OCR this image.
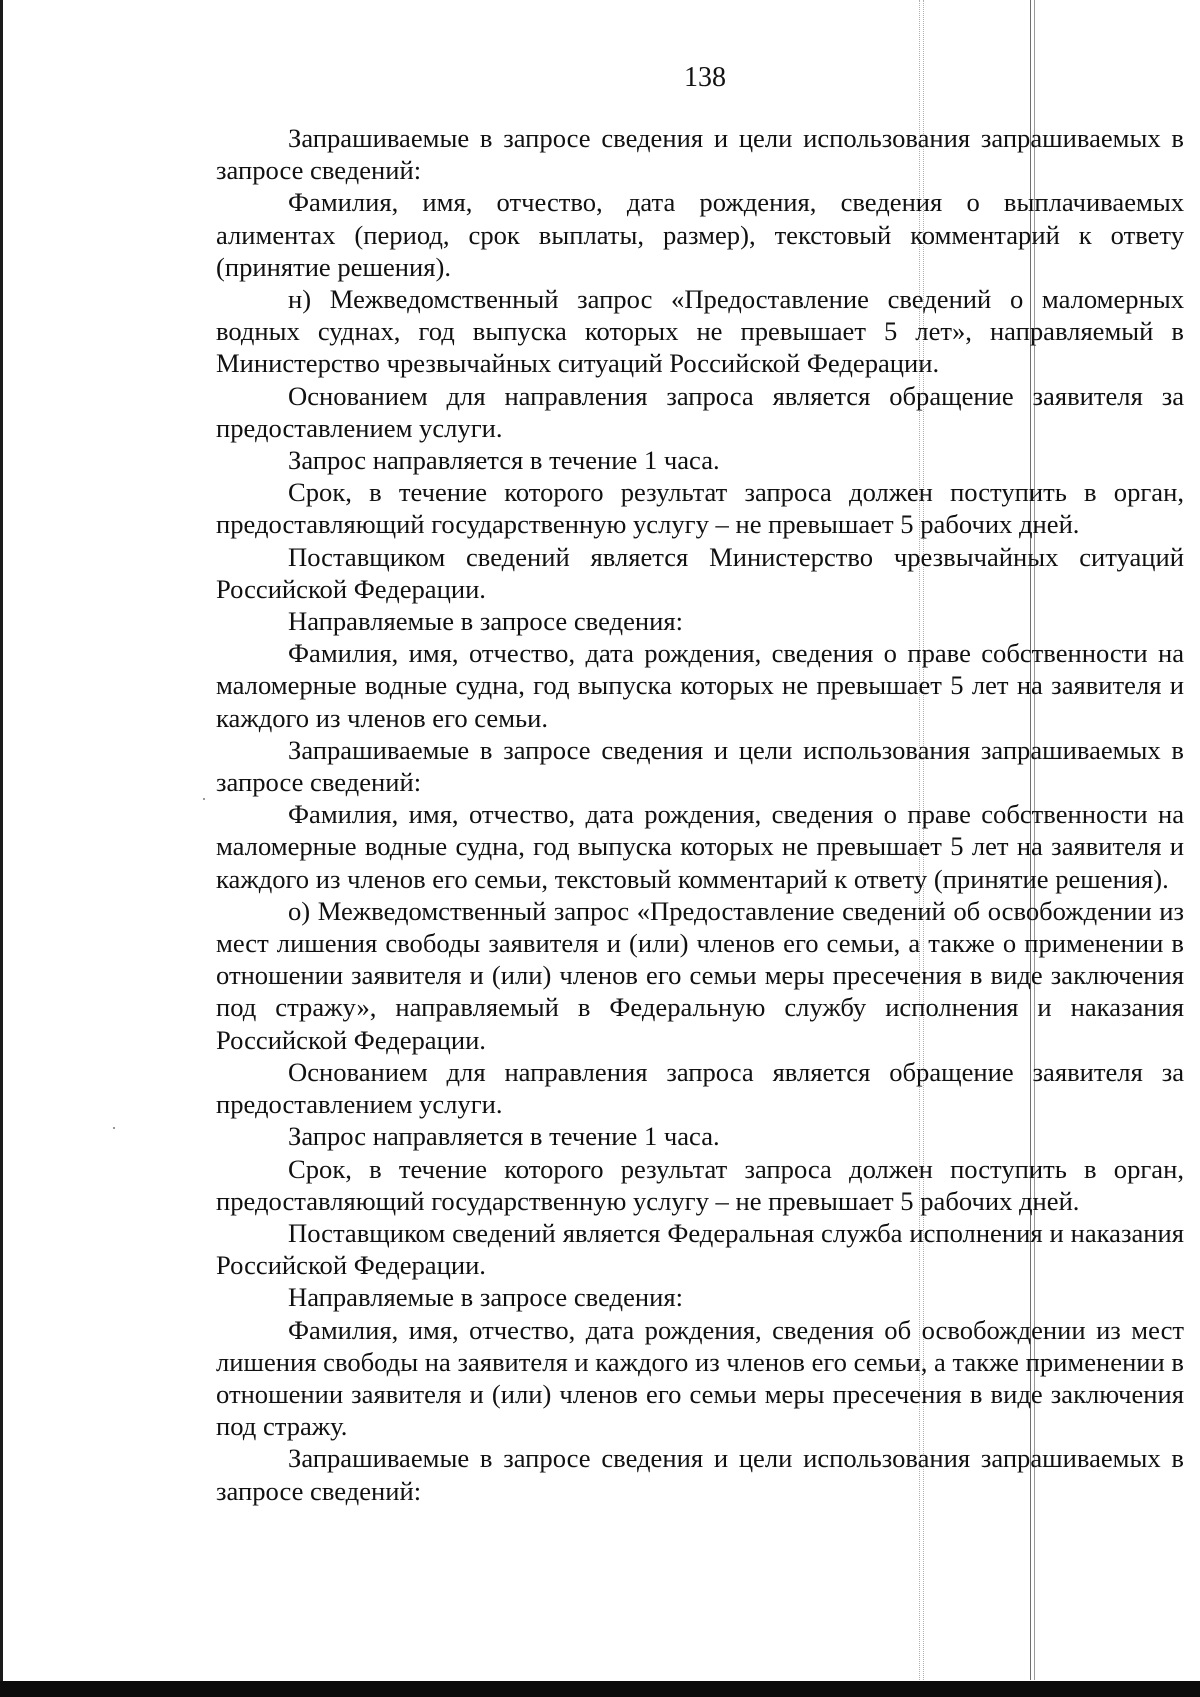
138

Запрашиваемые в запросе сведения и цели использования запрашиваемых в запросе сведений:

Фамилия, имя, отчество, дата рождения, сведения о выплачиваемых алиментах (период, срок выплаты, размер), текстовый комментарий к ответу (принятие решения).

н) Межведомственный запрос «Предоставление сведений о маломерных водных суднах, год выпуска которых не превышает 5 лет», направляемый в Министерство чрезвычайных ситуаций Российской Федерации.

Основанием для направления запроса является обращение заявителя за предоставлением услуги.

Запрос направляется в течение 1 часа.

Срок, в течение которого результат запроса должен поступить в орган, предоставляющий государственную услугу – не превышает 5 рабочих дней.

Поставщиком сведений является Министерство чрезвычайных ситуаций Российской Федерации.

Направляемые в запросе сведения:

Фамилия, имя, отчество, дата рождения, сведения о праве собственности на маломерные водные судна, год выпуска которых не превышает 5 лет на заявителя и каждого из членов его семьи.

Запрашиваемые в запросе сведения и цели использования запрашиваемых в запросе сведений:

Фамилия, имя, отчество, дата рождения, сведения о праве собственности на маломерные водные судна, год выпуска которых не превышает 5 лет на заявителя и каждого из членов его семьи, текстовый комментарий к ответу (принятие решения).

о) Межведомственный запрос «Предоставление сведений об освобождении из мест лишения свободы заявителя и (или) членов его семьи, а также о применении в отношении заявителя и (или) членов его семьи меры пресечения в виде заключения под стражу», направляемый в Федеральную службу исполнения и наказания Российской Федерации.

Основанием для направления запроса является обращение заявителя за предоставлением услуги.

Запрос направляется в течение 1 часа.

Срок, в течение которого результат запроса должен поступить в орган, предоставляющий государственную услугу – не превышает 5 рабочих дней.

Поставщиком сведений является Федеральная служба исполнения и наказания Российской Федерации.

Направляемые в запросе сведения:

Фамилия, имя, отчество, дата рождения, сведения об освобождении из мест лишения свободы на заявителя и каждого из членов его семьи, а также применении в отношении заявителя и (или) членов его семьи меры пресечения в виде заключения под стражу.

Запрашиваемые в запросе сведения и цели использования запрашиваемых в запросе сведений:
